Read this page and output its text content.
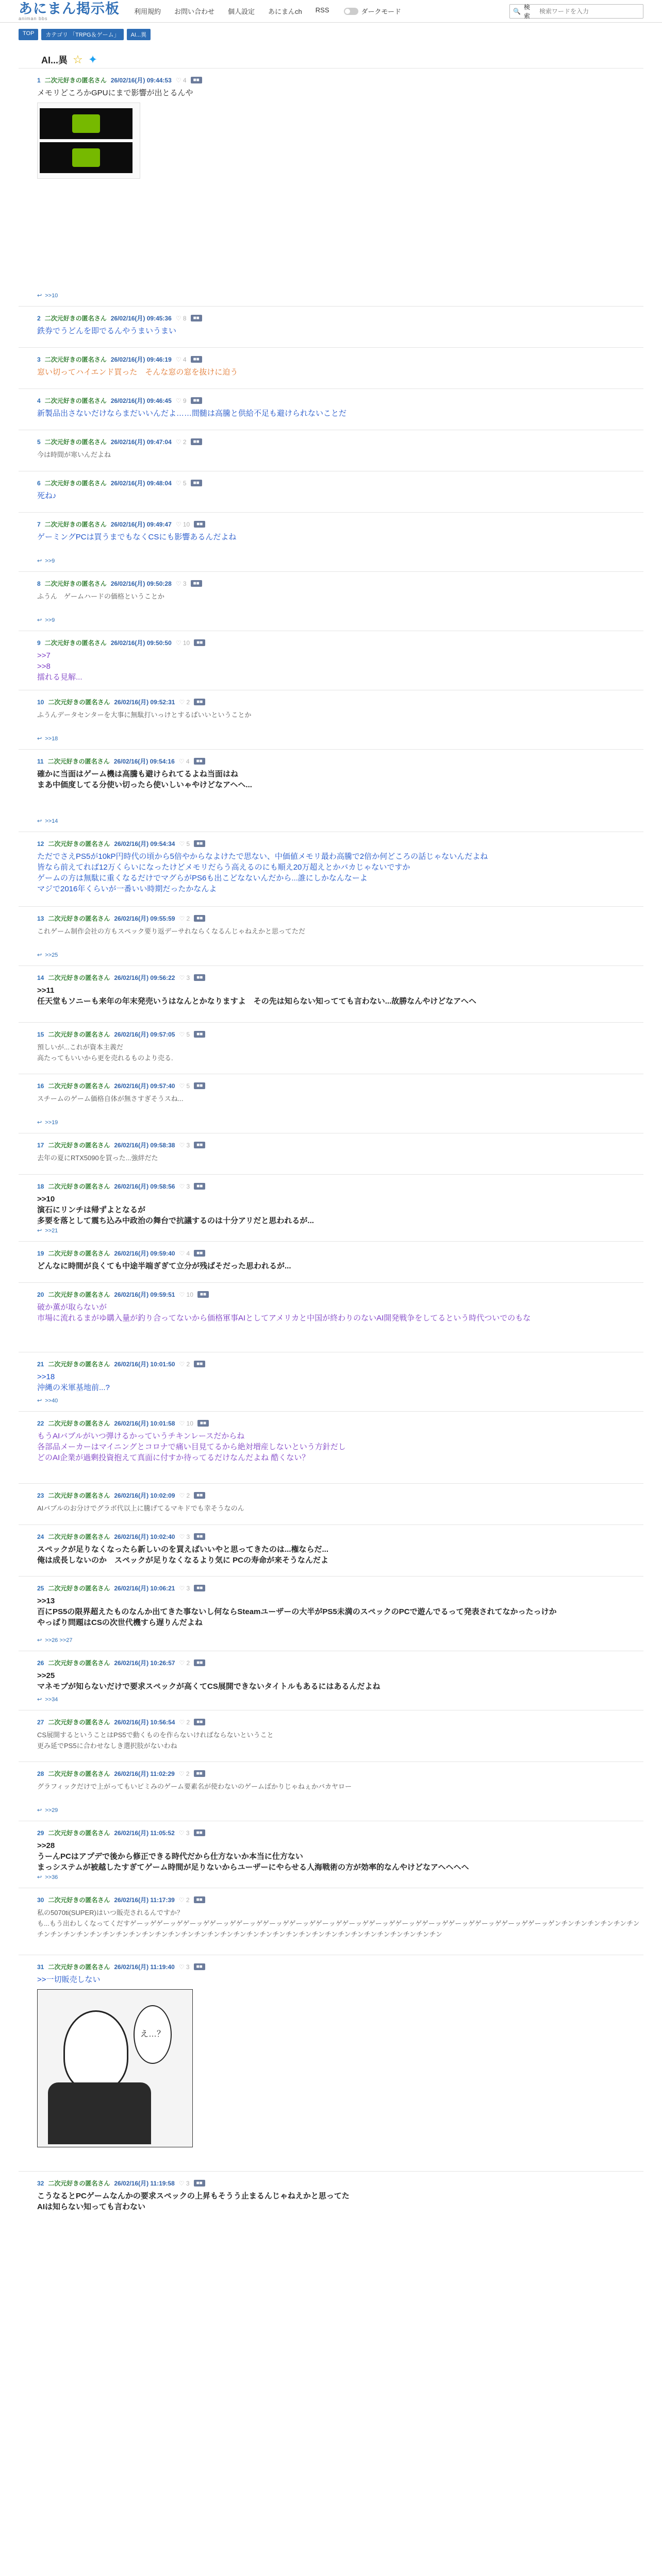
あにまん掲示板
animan bbs
利用規約 お問い合わせ 個人設定 あにまんch RSS	ダークモード	🔍
検索
検索ワードを入力
TOP	カテゴリ 「TRPG＆ゲーム」	AI...異
AI...異 ☆ ✦
1 二次元好きの匿名さん 26/02/16(月) 09:44:53 ♡ 4	■■
メモリどころかGPUにまで影響が出とるんや
↩ >>10
2 二次元好きの匿名さん 26/02/16(月) 09:45:36 ♡ 8	■■
鉄券でうどんを即でるんやうまいうまい
3 二次元好きの匿名さん 26/02/16(月) 09:46:19 ♡ 4	■■
窓い切ってハイエンド買った　そんな窓の窓を抜けに迫う
4 二次元好きの匿名さん 26/02/16(月) 09:46:45 ♡ 9	■■
新製品出さないだけならまだいいんだよ……間髄は高騰と供給不足も避けられないことだ
5 二次元好きの匿名さん 26/02/16(月) 09:47:04 ♡ 2	■■
今は時間が寒いんだよね
6 二次元好きの匿名さん 26/02/16(月) 09:48:04 ♡ 5	■■
死ね♪
7 二次元好きの匿名さん 26/02/16(月) 09:49:47 ♡ 10	■■
ゲーミングPCは買うまでもなくCSにも影響あるんだよね
↩ >>9
8 二次元好きの匿名さん 26/02/16(月) 09:50:28 ♡ 3	■■
ふうん　ゲームハードの価格ということか
↩ >>9
9 二次元好きの匿名さん 26/02/16(月) 09:50:50 ♡ 10	■■
>>7
>>8
擂れる見解...
10 二次元好きの匿名さん 26/02/16(月) 09:52:31 ♡ 2	■■
ふうんデータセンターを大事に無駄打いっけとするばいいということか
↩ >>18
11 二次元好きの匿名さん 26/02/16(月) 09:54:16 ♡ 4	■■
確かに当面はゲーム機は高騰も避けられてるよね当面はね
まあ中価度してる分使い切ったら使いしいゃやけどなアヘヘ...
↩ >>14
12 二次元好きの匿名さん 26/02/16(月) 09:54:34 ♡ 5	■■
ただでさえPS5が10kP円時代の頃から5倍やからなよけたで思ない、中価値メモリ最わ高騰で2倍か何どころの話じゃないんだよね
皆なら前えてれば12万くらいになったけどメモリだらう高えるのにも順え20万超えとかバカじゃないですか
ゲームの方は無駄に重くなるだけでマグらがPS6も出こどなないんだから...誰にしかなんなーよ
マジで2016年くらいが一番いい時期だったかなんよ
13 二次元好きの匿名さん 26/02/16(月) 09:55:59 ♡ 2	■■
これゲーム制作会社の方もスペック要り返デーサれならくなるんじゃねえかと思ってただ
↩ >>25
14 二次元好きの匿名さん 26/02/16(月) 09:56:22 ♡ 3	■■
>>11
任天堂もソニーも来年の年末発売いうはなんとかなりますよ　その先は知らない知ってても言わない...故勝なんやけどなアへヘ
15 二次元好きの匿名さん 26/02/16(月) 09:57:05 ♡ 5	■■
預しいが...これが資本主義だ
高たってもいいから更を売れるものより売る.
16 二次元好きの匿名さん 26/02/16(月) 09:57:40 ♡ 5	■■
スチームのゲーム価格自体が無さすぎそうスね...
↩ >>19
17 二次元好きの匿名さん 26/02/16(月) 09:58:38 ♡ 3	■■
去年の夏にRTX5090を買った...強絆だた
18 二次元好きの匿名さん 26/02/16(月) 09:58:56 ♡ 3	■■
>>10
演石にリンチは帰ずよとなるが
多要を落として震ち込み中政治の舞台で抗議するのは十分アリだと思われるが...
↩ >>21
19 二次元好きの匿名さん 26/02/16(月) 09:59:40 ♡ 4	■■
どんなに時間が良くても中途半端ぎぎて立分が残ばそだった思われるが...
20 二次元好きの匿名さん 26/02/16(月) 09:59:51 ♡ 10	■■
破か薫が取らないが
市場に流れるまがゆ購入量が釣り合ってないから価格軍事AIとしてアメリカと中国が終わりのないAI開発戦争をしてるという時代ついでのもな
21 二次元好きの匿名さん 26/02/16(月) 10:01:50 ♡ 2	■■
>>18
沖縄の米軍基地前...?
↩ >>40
22 二次元好きの匿名さん 26/02/16(月) 10:01:58 ♡ 10	■■
もうAIバブルがいつ弾けるかっていうチキンレースだからね
各部品メーカーはマイニングとコロナで痛い目見てるから絶対増産しないという方針だし
どのAI企業が過剰投資抱えて真面に付すか待ってるだけなんだよね 酷くない？
23 二次元好きの匿名さん 26/02/16(月) 10:02:09 ♡ 2	■■
AIバブルのお分けでグラボ代以上に騰げてるマキドでも幸そうなのん
24 二次元好きの匿名さん 26/02/16(月) 10:02:40 ♡ 3	■■
スペックが足りなくなったら新しいのを買えばいいやと思ってきたのは...権ならだ...
俺は成長しないのか　スペックが足りなくなるより気に PCの寿命が来そうなんだよ
25 二次元好きの匿名さん 26/02/16(月) 10:06:21 ♡ 3	■■
>>13
百にPS5の限界超えたものなんか出てきた事ないし何ならSteamユーザーの大半がPS5未満のスペックのPCで遊んでるって発表されてなかったっけか
やっぱり問題はCSの次世代機すら遅りんだよね
↩ >>26 >>27
26 二次元好きの匿名さん 26/02/16(月) 10:26:57 ♡ 2	■■
>>25
マネモブが知らないだけで要求スペックが高くてCS展開できないタイトルもあるにはあるんだよね
↩ >>34
27 二次元好きの匿名さん 26/02/16(月) 10:56:54 ♡ 2	■■
CS展開するということはPS5で動くものを作らないければならないということ
更み延でPS5に合わせなしき選択肢がないわね
28 二次元好きの匿名さん 26/02/16(月) 11:02:29 ♡ 2	■■
グラフィックだけで上がってもいビミみのゲーム要素名が使わないのゲームばかりじゃねぇかバカヤロー
↩ >>29
29 二次元好きの匿名さん 26/02/16(月) 11:05:52 ♡ 3	■■
>>28
うーんPCはアプデで後から修正できる時代だから仕方ないか本当に仕方ない
まっシステムが被越したすぎてゲーム時間が足りないからユーザーにやらせる人海戦術の方が効率的なんやけどなアヘヘヘヘ
↩ >>36
30 二次元好きの匿名さん 26/02/16(月) 11:17:39 ♡ 2	■■
私の5070ti(SUPER)はいつ販売されるんですか？
も...もう出わしくなってくだすゲーッゲゲーッゲゲーッゲゲーッゲゲーッゲゲーッゲゲーッゲゲーッゲゲーッゲゲーッゲゲーッゲゲーッゲゲーッゲゲーッゲゲーッゲゲーッゲンチンチンチンチンチンチンチンチンチンチンチンチンチンチンチンチンチンチンチンチンチンチンチンチンチンチンチンチンチンチンチンチンチンチンチンチンチン
31 二次元好きの匿名さん 26/02/16(月) 11:19:40 ♡ 3	■■
>>一切販売しない
え…？
32 二次元好きの匿名さん 26/02/16(月) 11:19:58 ♡ 3	■■
こうなるとPCゲームなんかの要求スペックの上昇もそうう止まるんじゃねえかと思ってた
AIは知らない知っても言わない
